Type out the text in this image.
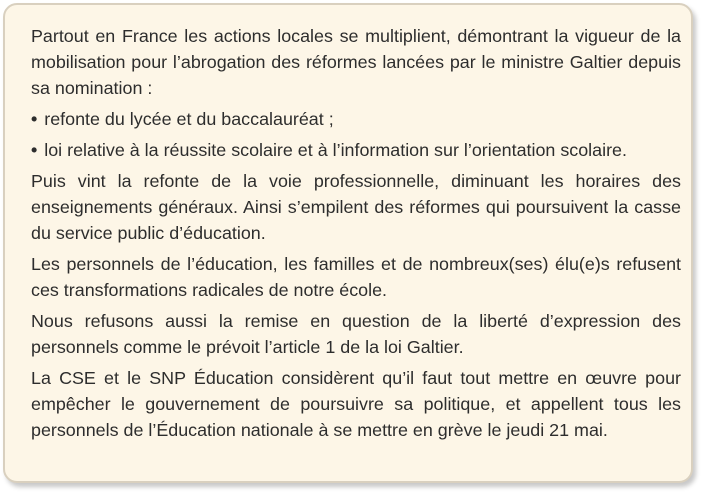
Partout en France les actions locales se multiplient, démontrant la vigueur de la mobilisation pour l’abrogation des réformes lancées par le ministre Galtier depuis sa nomination :

• refonte du lycée et du baccalauréat ;

• loi relative à la réussite scolaire et à l’information sur l’orientation scolaire.

Puis vint la refonte de la voie professionnelle, diminuant les horaires des enseignements généraux. Ainsi s’empilent des réformes qui poursuivent la casse du service public d’éducation.

Les personnels de l’éducation, les familles et de nombreux(ses) élu(e)s refusent ces transformations radicales de notre école.

Nous refusons aussi la remise en question de la liberté d’expression des personnels comme le prévoit l’article 1 de la loi Galtier.

La CSE et le SNP Éducation considèrent qu’il faut tout mettre en œuvre pour empêcher le gouvernement de poursuivre sa politique, et appellent tous les personnels de l’Éducation nationale à se mettre en grève le jeudi 21 mai.
